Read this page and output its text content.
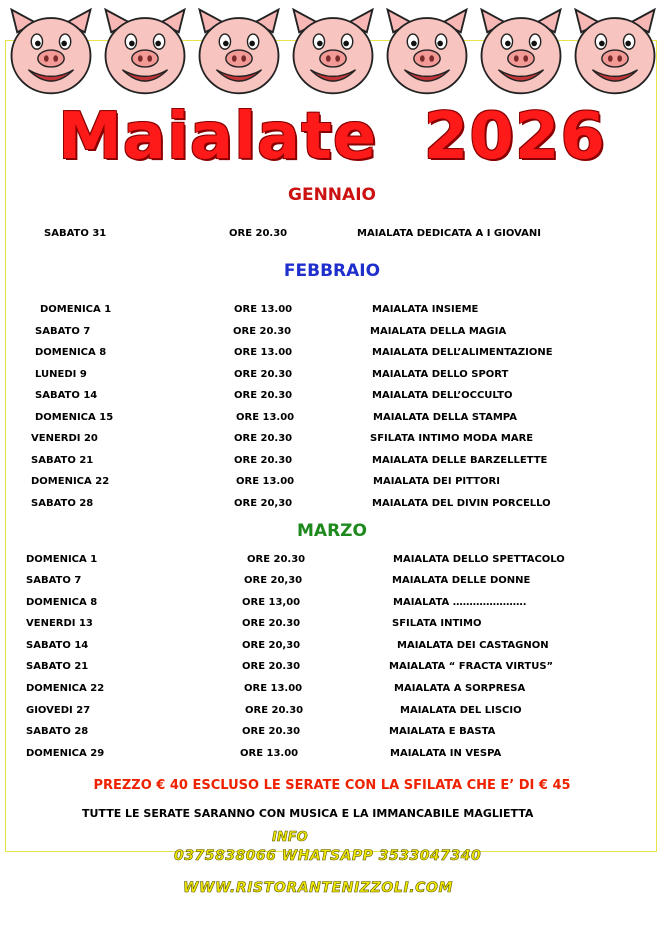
Maialate  2026
GENNAIO
SABATO 31	ORE 20.30	MAIALATA DEDICATA A I GIOVANI
FEBBRAIO
DOMENICA 1	ORE 13.00	MAIALATA INSIEME
SABATO 7	ORE 20.30	MAIALATA DELLA MAGIA
DOMENICA 8	ORE 13.00	MAIALATA DELL’ALIMENTAZIONE
LUNEDI 9	ORE 20.30	MAIALATA DELLO SPORT
SABATO 14	ORE 20.30	MAIALATA DELL’OCCULTO
DOMENICA 15	ORE 13.00	MAIALATA DELLA STAMPA
VENERDI 20	ORE 20.30	SFILATA INTIMO MODA MARE
SABATO 21	ORE 20.30	MAIALATA DELLE BARZELLETTE
DOMENICA 22	ORE 13.00	MAIALATA DEI PITTORI
SABATO 28	ORE 20,30	MAIALATA DEL DIVIN PORCELLO
MARZO
DOMENICA 1	ORE 20.30	MAIALATA DELLO SPETTACOLO
SABATO 7	ORE 20,30	MAIALATA DELLE DONNE
DOMENICA 8	ORE 13,00	MAIALATA ………………….
VENERDI 13	ORE 20.30	SFILATA INTIMO
SABATO 14	ORE 20,30	MAIALATA DEI CASTAGNON
SABATO 21	ORE 20.30	MAIALATA “ FRACTA VIRTUS”
DOMENICA 22	ORE 13.00	MAIALATA A SORPRESA
GIOVEDI 27	ORE 20.30	MAIALATA DEL LISCIO
SABATO 28	ORE 20.30	MAIALATA E BASTA
DOMENICA 29	ORE 13.00	MAIALATA IN VESPA
PREZZO € 40 ESCLUSO LE SERATE CON LA SFILATA CHE E’ DI € 45
TUTTE LE SERATE SARANNO CON MUSICA E LA IMMANCABILE MAGLIETTA
INFO
0375838066 WHATSAPP 3533047340
WWW.RISTORANTENIZZOLI.COM
